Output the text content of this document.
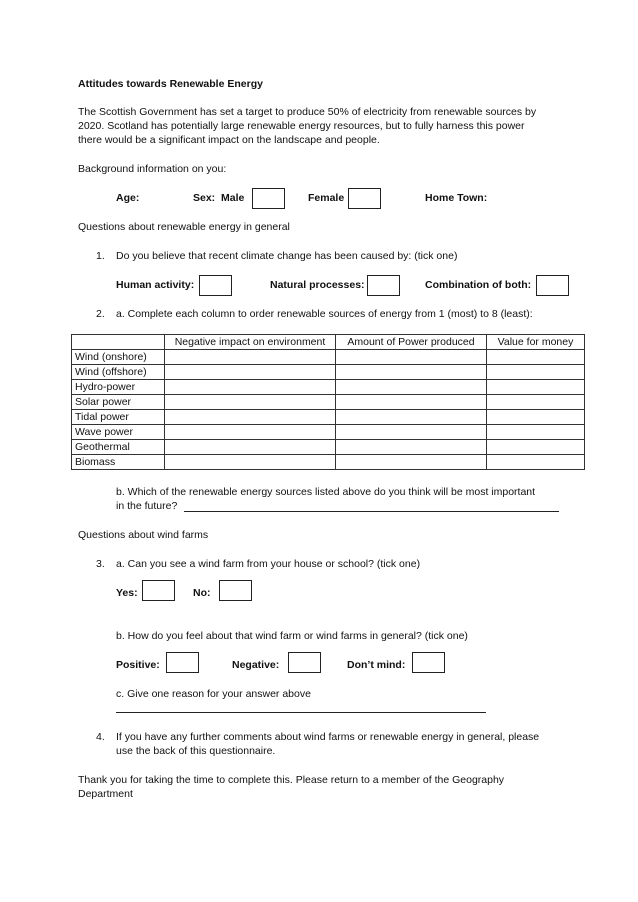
Attitudes towards Renewable Energy
The Scottish Government has set a target to produce 50% of electricity from renewable sources by
2020. Scotland has potentially large renewable energy resources, but to fully harness this power
there would be a significant impact on the landscape and people.
Background information on you:
Age:	Sex: Male	Female	Home Town:
Questions about renewable energy in general
1. Do you believe that recent climate change has been caused by: (tick one)
Human activity:	Natural processes:	Combination of both:
2. a. Complete each column to order renewable sources of energy from 1 (most) to 8 (least):
	Negative impact on environment	Amount of Power produced	Value for money
Wind (onshore)			
Wind (offshore)			
Hydro-power			
Solar power			
Tidal power			
Wave power			
Geothermal			
Biomass			
b. Which of the renewable energy sources listed above do you think will be most important
in the future?
Questions about wind farms
3. a. Can you see a wind farm from your house or school? (tick one)
Yes:	No:
b. How do you feel about that wind farm or wind farms in general? (tick one)
Positive:	Negative:	Don’t mind:
c. Give one reason for your answer above
4. If you have any further comments about wind farms or renewable energy in general, please
use the back of this questionnaire.
Thank you for taking the time to complete this. Please return to a member of the Geography
Department
